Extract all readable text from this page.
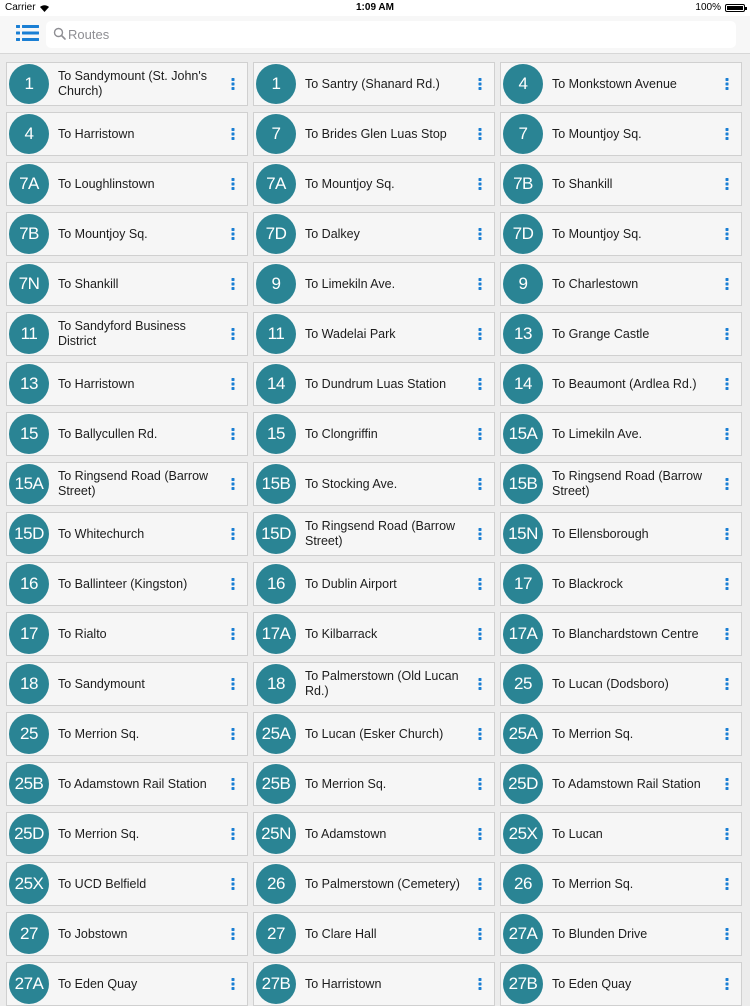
Carrier	1:09 AM	100%
Routes
1	To Sandymount (St. John's Church)	1	To Santry (Shanard Rd.)	4	To Monkstown Avenue
4	To Harristown	7	To Brides Glen Luas Stop	7	To Mountjoy Sq.
7A	To Loughlinstown	7A	To Mountjoy Sq.	7B	To Shankill
7B	To Mountjoy Sq.	7D	To Dalkey	7D	To Mountjoy Sq.
7N	To Shankill	9	To Limekiln Ave.	9	To Charlestown
11	To Sandyford Business District	11	To Wadelai Park	13	To Grange Castle
13	To Harristown	14	To Dundrum Luas Station	14	To Beaumont (Ardlea Rd.)
15	To Ballycullen Rd.	15	To Clongriffin	15A	To Limekiln Ave.
15A	To Ringsend Road (Barrow Street)	15B	To Stocking Ave.	15B	To Ringsend Road (Barrow Street)
15D	To Whitechurch	15D	To Ringsend Road (Barrow Street)	15N	To Ellensborough
16	To Ballinteer (Kingston)	16	To Dublin Airport	17	To Blackrock
17	To Rialto	17A	To Kilbarrack	17A	To Blanchardstown Centre
18	To Sandymount	18	To Palmerstown (Old Lucan Rd.)	25	To Lucan (Dodsboro)
25	To Merrion Sq.	25A	To Lucan (Esker Church)	25A	To Merrion Sq.
25B	To Adamstown Rail Station	25B	To Merrion Sq.	25D	To Adamstown Rail Station
25D	To Merrion Sq.	25N	To Adamstown	25X	To Lucan
25X	To UCD Belfield	26	To Palmerstown (Cemetery)	26	To Merrion Sq.
27	To Jobstown	27	To Clare Hall	27A	To Blunden Drive
27A	To Eden Quay	27B	To Harristown	27B	To Eden Quay
